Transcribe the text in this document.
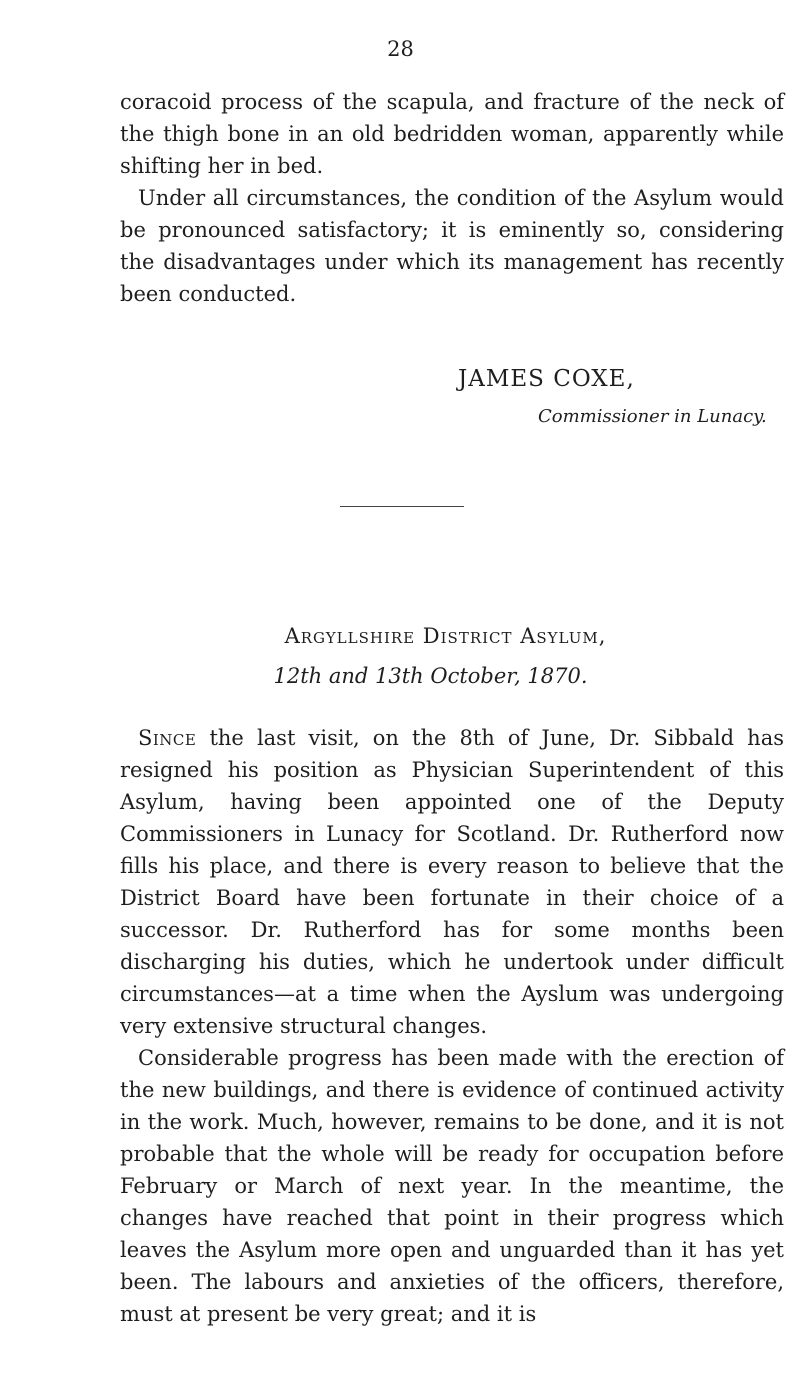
28

coracoid process of the scapula, and fracture of the neck of the thigh bone in an old bedridden woman, apparently while shifting her in bed.

Under all circumstances, the condition of the Asylum would be pronounced satisfactory; it is eminently so, considering the disadvantages under which its management has recently been conducted.

JAMES COXE,
Commissioner in Lunacy.
Argyllshire District Asylum,
12th and 13th October, 1870.

Since the last visit, on the 8th of June, Dr. Sibbald has resigned his position as Physician Superintendent of this Asylum, having been appointed one of the Deputy Commissioners in Lunacy for Scotland. Dr. Rutherford now fills his place, and there is every reason to believe that the District Board have been fortunate in their choice of a successor. Dr. Rutherford has for some months been discharging his duties, which he undertook under difficult circumstances—at a time when the Ayslum was undergoing very extensive structural changes.

Considerable progress has been made with the erection of the new buildings, and there is evidence of continued activity in the work. Much, however, remains to be done, and it is not probable that the whole will be ready for occupation before February or March of next year. In the meantime, the changes have reached that point in their progress which leaves the Asylum more open and unguarded than it has yet been. The labours and anxieties of the officers, therefore, must at present be very great; and it is
